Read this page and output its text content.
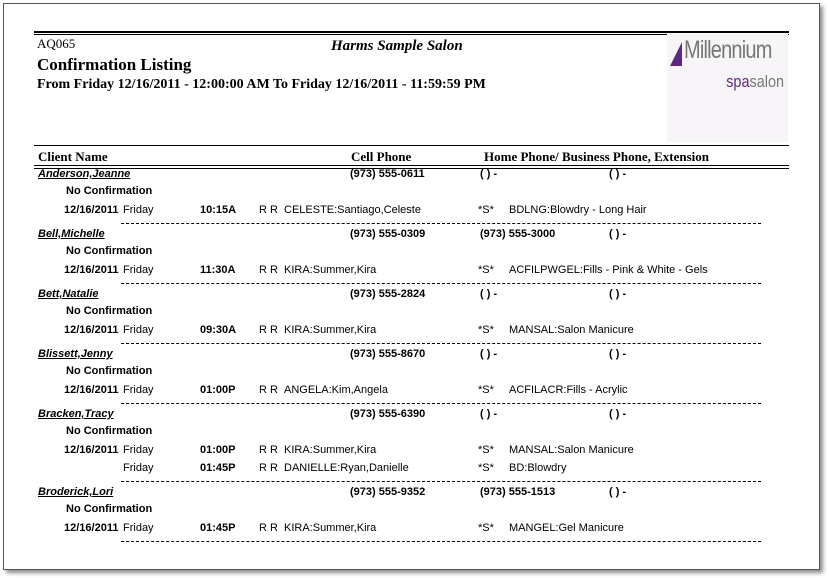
AQ065	Harms Sample Salon
Confirmation Listing
From Friday 12/16/2011 - 12:00:00 AM To Friday 12/16/2011 - 11:59:59 PM
Millennium
spasalon
Client Name	Cell Phone	Home Phone/ Business Phone, Extension
Anderson,Jeanne	(973) 555-0611	( ) -	( ) -
No Confirmation
12/16/2011 Friday	10:15A R R CELESTE:Santiago,Celeste	*S* BDLNG:Blowdry - Long Hair
Bell,Michelle	(973) 555-0309	(973) 555-3000	( ) -
No Confirmation
12/16/2011 Friday	11:30A R R KIRA:Summer,Kira	*S* ACFILPWGEL:Fills - Pink & White - Gels
Bett,Natalie	(973) 555-2824	( ) -	( ) -
No Confirmation
12/16/2011 Friday	09:30A R R KIRA:Summer,Kira	*S* MANSAL:Salon Manicure
Blissett,Jenny	(973) 555-8670	( ) -	( ) -
No Confirmation
12/16/2011 Friday	01:00P R R ANGELA:Kim,Angela	*S* ACFILACR:Fills - Acrylic
Bracken,Tracy	(973) 555-6390	( ) -	( ) -
No Confirmation
12/16/2011 Friday	01:00P R R KIRA:Summer,Kira	*S* MANSAL:Salon Manicure
Friday	01:45P R R DANIELLE:Ryan,Danielle	*S* BD:Blowdry
Broderick,Lori	(973) 555-9352	(973) 555-1513	( ) -
No Confirmation
12/16/2011 Friday	01:45P R R KIRA:Summer,Kira	*S* MANGEL:Gel Manicure
